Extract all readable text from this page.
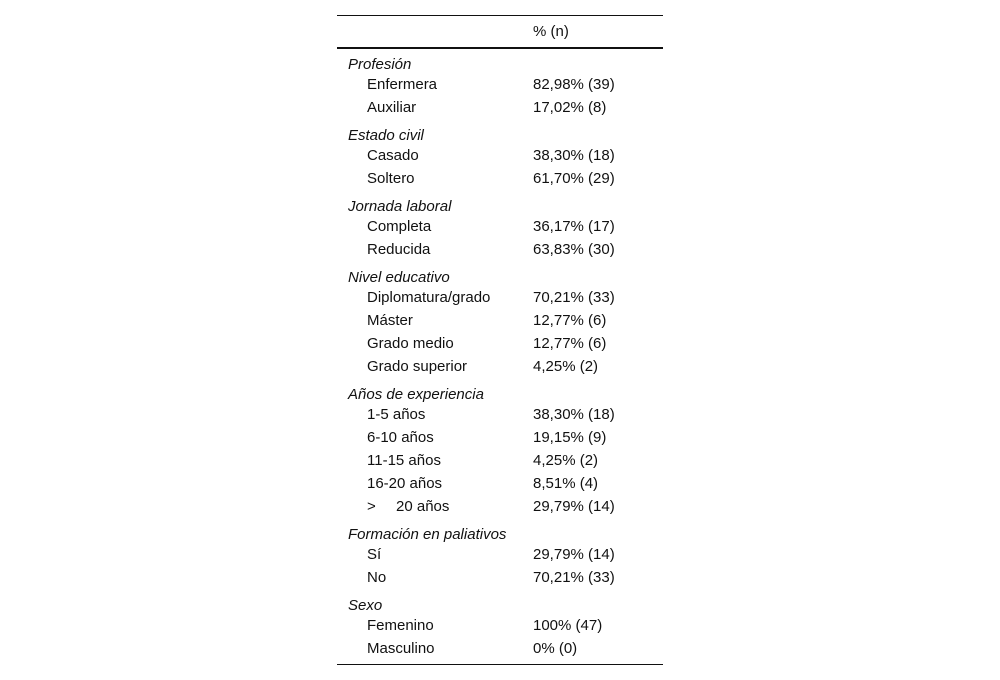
	% (n)
Profesión	
Enfermera	82,98% (39)
Auxiliar	17,02% (8)
Estado civil	
Casado	38,30% (18)
Soltero	61,70% (29)
Jornada laboral	
Completa	36,17% (17)
Reducida	63,83% (30)
Nivel educativo	
Diplomatura/grado	70,21% (33)
Máster	12,77% (6)
Grado medio	12,77% (6)
Grado superior	4,25% (2)
Años de experiencia	
1-5 años	38,30% (18)
6-10 años	19,15% (9)
11-15 años	4,25% (2)
16-20 años	8,51% (4)
> 20 años	29,79% (14)
Formación en paliativos	
Sí	29,79% (14)
No	70,21% (33)
Sexo	
Femenino	100% (47)
Masculino	0% (0)
